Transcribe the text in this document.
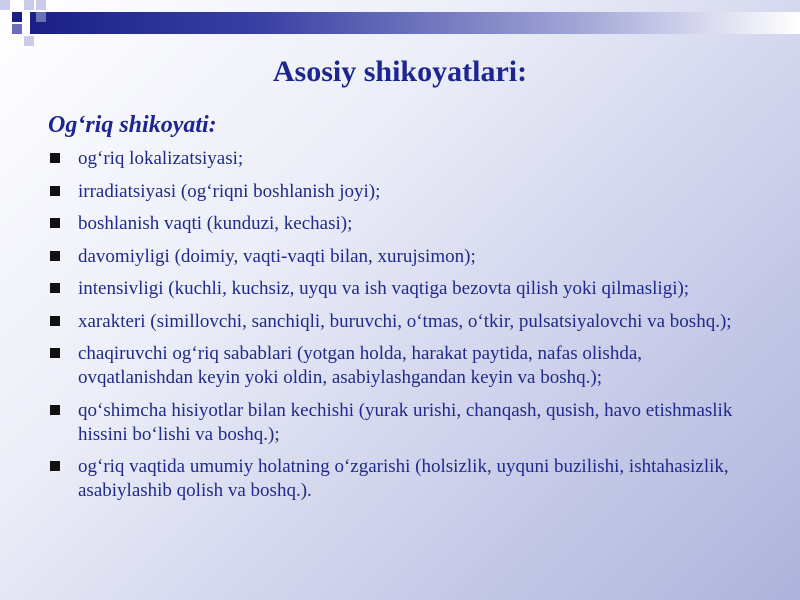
Asosiy shikoyatlari:
Og‘riq shikoyati:
og‘riq lokalizatsiyasi;
irradiatsiyasi (og‘riqni boshlanish joyi);
boshlanish vaqti (kunduzi, kechasi);
davomiyligi (doimiy, vaqti-vaqti bilan, xurujsimon);
intensivligi (kuchli, kuchsiz, uyqu va ish vaqtiga bezovta qilish yoki qilmasligi);
xarakteri (simillovchi, sanchiqli, buruvchi, o‘tmas, o‘tkir, pulsatsiyalovchi va boshq.);
chaqiruvchi og‘riq sabablari (yotgan holda, harakat paytida, nafas olishda, ovqatlanishdan keyin yoki oldin, asabiylashgandan keyin va boshq.);
qo‘shimcha hisiyotlar bilan kechishi (yurak urishi, chanqash, qusish, havo etishmaslik hissini bo‘lishi va boshq.);
og‘riq vaqtida umumiy holatning o‘zgarishi (holsizlik, uyquni buzilishi, ishtahasizlik, asabiylashib qolish va boshq.).
